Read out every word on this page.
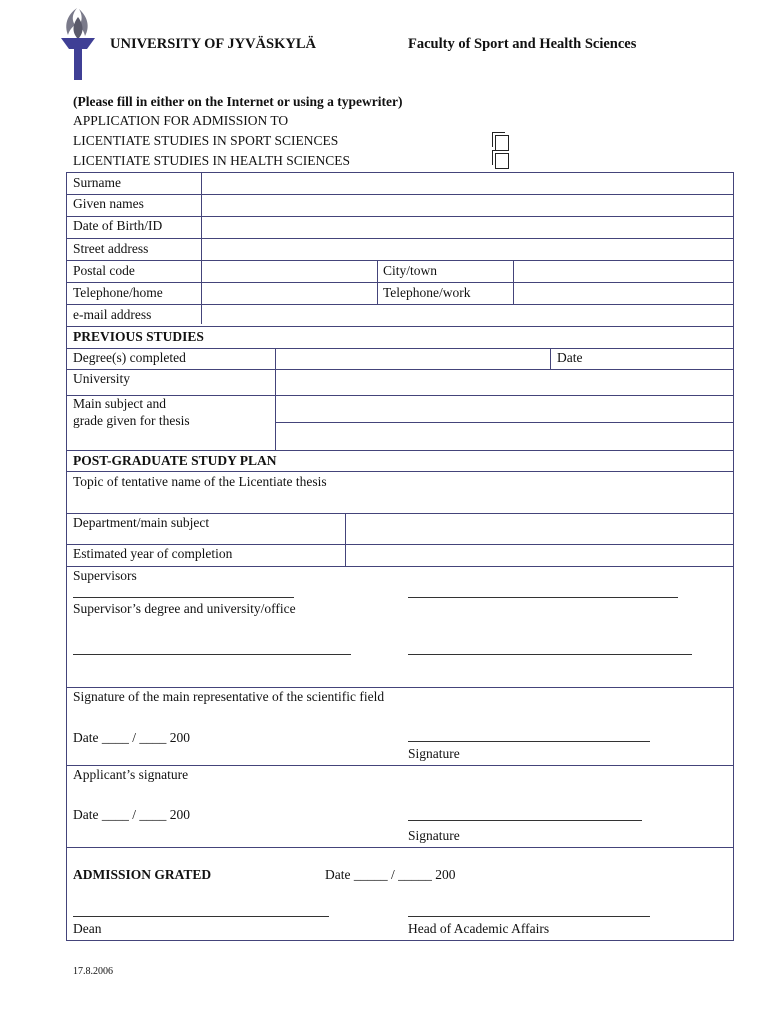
UNIVERSITY OF JYVÄSKYLÄ	Faculty of Sport and Health Sciences
(Please fill in either on the Internet or using a typewriter)
APPLICATION FOR ADMISSION TO
LICENTIATE STUDIES IN SPORT SCIENCES
LICENTIATE STUDIES IN HEALTH SCIENCES
Surname
Given names
Date of Birth/ID
Street address
Postal code	City/town
Telephone/home	Telephone/work
e-mail address
PREVIOUS STUDIES
Degree(s) completed	Date
University
Main subject and
grade given for thesis
POST-GRADUATE STUDY PLAN
Topic of tentative name of the Licentiate thesis
Department/main subject
Estimated year of completion
Supervisors
Supervisor’s degree and university/office
Signature of the main representative of the scientific field
Date ____ / ____ 200
Signature
Applicant’s signature
Date ____ / ____ 200
Signature
ADMISSION GRATED	Date _____ / _____ 200
Dean	Head of Academic Affairs
17.8.2006
